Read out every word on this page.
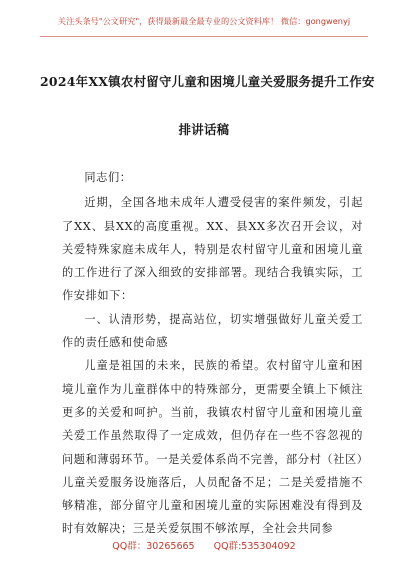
关注头条号"公文研究"，获得最新最全最专业的公文资料库！ 微信：gongwenyj
2024年XX镇农村留守儿童和困境儿童关爱服务提升工作安
排讲话稿

同志们：

近期，全国各地未成年人遭受侵害的案件频发，引起了XX、县XX的高度重视。XX、县XX多次召开会议，对关爱特殊家庭未成年人，特别是农村留守儿童和困境儿童的工作进行了深入细致的安排部署。现结合我镇实际，工作安排如下：

一、认清形势，提高站位，切实增强做好儿童关爱工作的责任感和使命感

儿童是祖国的未来，民族的希望。农村留守儿童和困境儿童作为儿童群体中的特殊部分，更需要全镇上下倾注更多的关爱和呵护。当前，我镇农村留守儿童和困境儿童关爱工作虽然取得了一定成效，但仍存在一些不容忽视的问题和薄弱环节。一是关爱体系尚不完善，部分村（社区）儿童关爱服务设施落后，人员配备不足；二是关爱措施不够精准，部分留守儿童和困境儿童的实际困难没有得到及时有效解决；三是关爱氛围不够浓厚，全社会共同参

QQ群：30265665 QQ群:535304092
